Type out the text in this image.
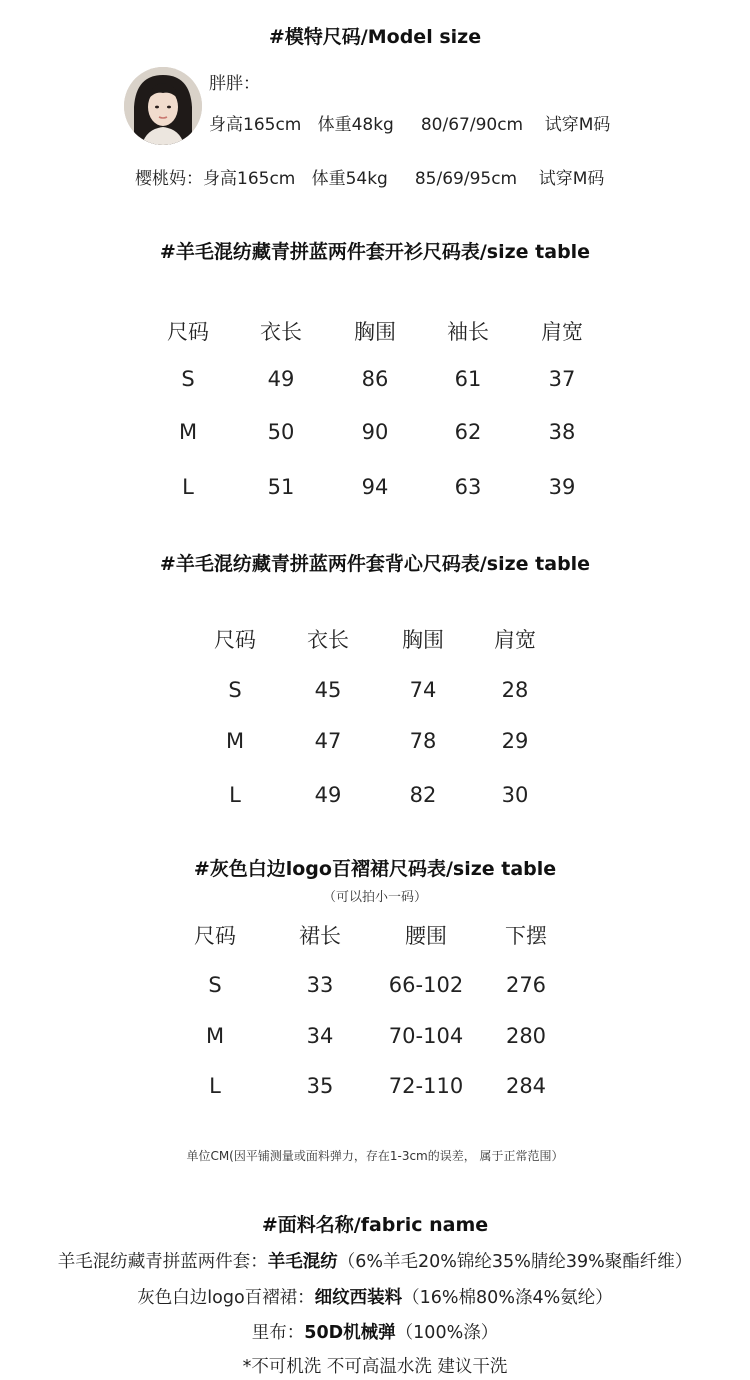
#模特尺码/Model size
胖胖：
身高165cm   体重48kg     80/67/90cm    试穿M码
樱桃妈：身高165cm   体重54kg     85/69/95cm    试穿M码
#羊毛混纺藏青拼蓝两件套开衫尺码表/size table
尺码	衣长	胸围	袖长	肩宽
S	49	86	61	37
M	50	90	62	38
L	51	94	63	39
#羊毛混纺藏青拼蓝两件套背心尺码表/size table
尺码	衣长	胸围	肩宽
S	45	74	28
M	47	78	29
L	49	82	30
#灰色白边logo百褶裙尺码表/size table
（可以拍小一码）
尺码	裙长	腰围	下摆
S	33	66-102	276
M	34	70-104	280
L	35	72-110	284
单位CM(因平铺测量或面料弹力，存在1-3cm的误差， 属于正常范围）
#面料名称/fabric name
羊毛混纺藏青拼蓝两件套：羊毛混纺（6%羊毛20%锦纶35%腈纶39%聚酯纤维）
灰色白边logo百褶裙：细纹西装料（16%棉80%涤4%氨纶）
里布：50D机械弹（100%涤）
*不可机洗 不可高温水洗 建议干洗
